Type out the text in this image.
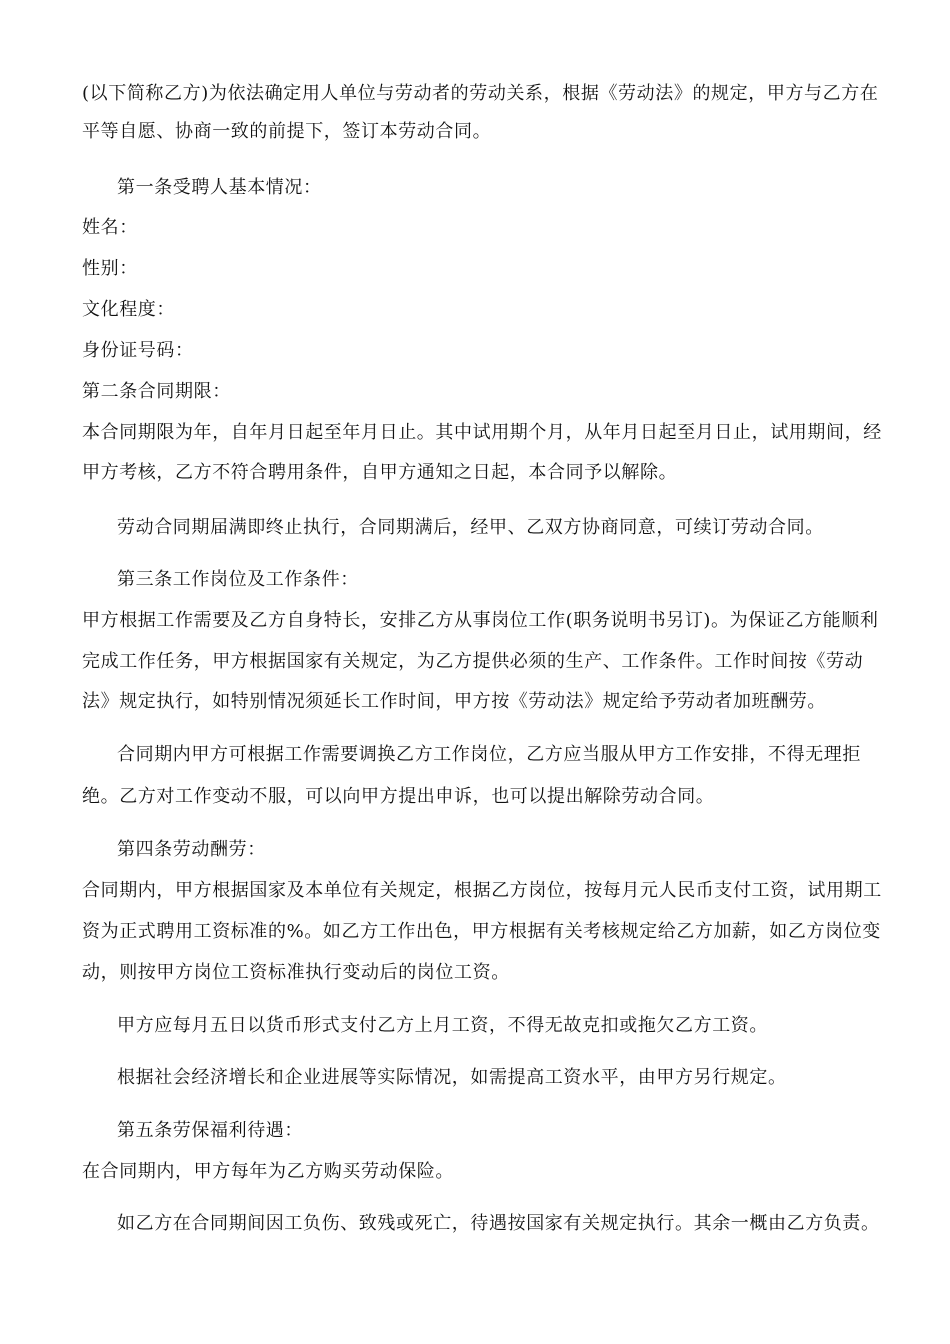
(以下简称乙方)为依法确定用人单位与劳动者的劳动关系，根据《劳动法》的规定，甲方与乙方在
平等自愿、协商一致的前提下，签订本劳动合同。
第一条受聘人基本情况：
姓名：
性别：
文化程度：
身份证号码：
第二条合同期限：
本合同期限为年，自年月日起至年月日止。其中试用期个月，从年月日起至月日止，试用期间，经
甲方考核，乙方不符合聘用条件，自甲方通知之日起，本合同予以解除。
劳动合同期届满即终止执行，合同期满后，经甲、乙双方协商同意，可续订劳动合同。
第三条工作岗位及工作条件：
甲方根据工作需要及乙方自身特长，安排乙方从事岗位工作(职务说明书另订)。为保证乙方能顺利
完成工作任务，甲方根据国家有关规定，为乙方提供必须的生产、工作条件。工作时间按《劳动
法》规定执行，如特别情况须延长工作时间，甲方按《劳动法》规定给予劳动者加班酬劳。
合同期内甲方可根据工作需要调换乙方工作岗位，乙方应当服从甲方工作安排，不得无理拒
绝。乙方对工作变动不服，可以向甲方提出申诉，也可以提出解除劳动合同。
第四条劳动酬劳：
合同期内，甲方根据国家及本单位有关规定，根据乙方岗位，按每月元人民币支付工资，试用期工
资为正式聘用工资标准的%。如乙方工作出色，甲方根据有关考核规定给乙方加薪，如乙方岗位变
动，则按甲方岗位工资标准执行变动后的岗位工资。
甲方应每月五日以货币形式支付乙方上月工资，不得无故克扣或拖欠乙方工资。
根据社会经济增长和企业进展等实际情况，如需提高工资水平，由甲方另行规定。
第五条劳保福利待遇：
在合同期内，甲方每年为乙方购买劳动保险。
如乙方在合同期间因工负伤、致残或死亡，待遇按国家有关规定执行。其余一概由乙方负责。
